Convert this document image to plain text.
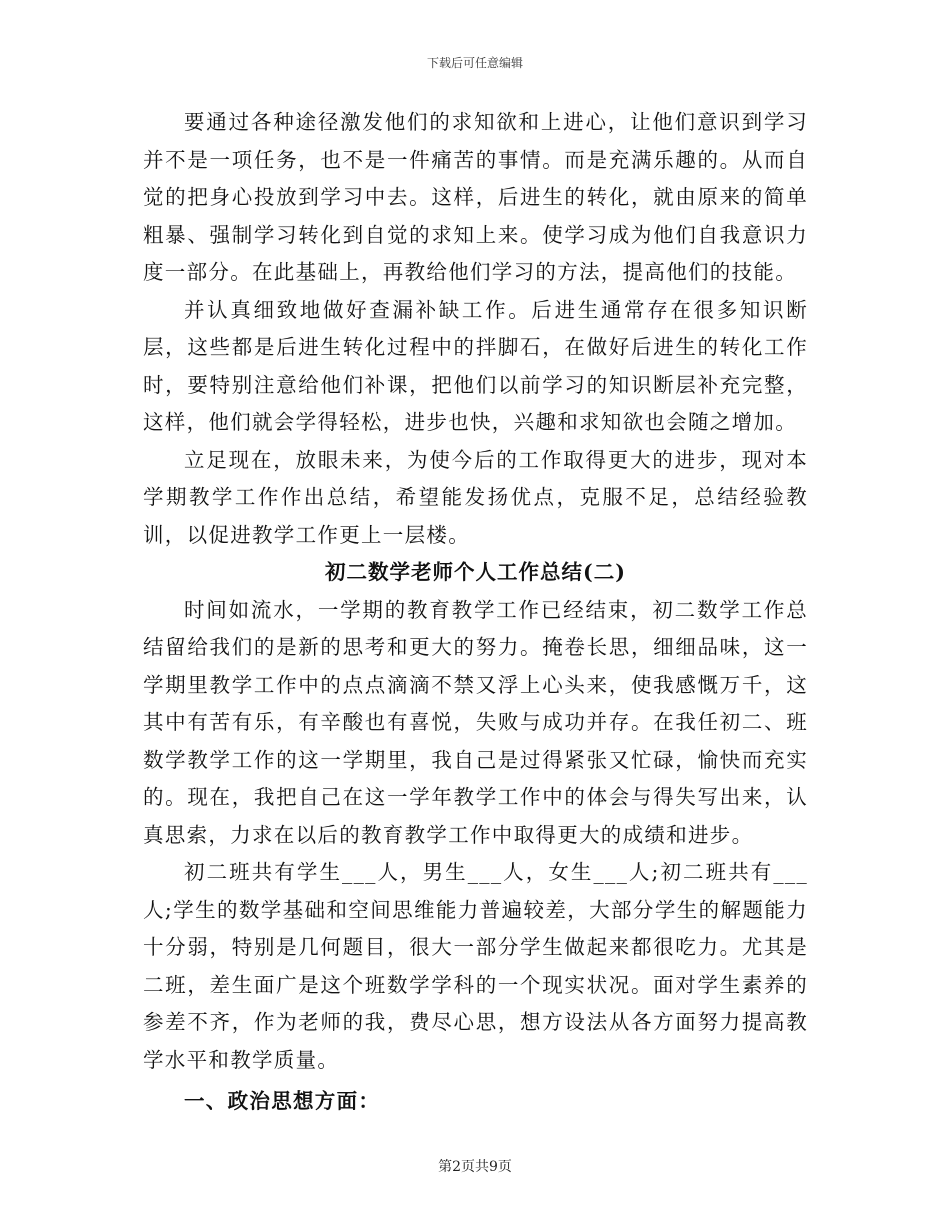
下载后可任意编辑

要通过各种途径激发他们的求知欲和上进心，让他们意识到学习并不是一项任务，也不是一件痛苦的事情。而是充满乐趣的。从而自觉的把身心投放到学习中去。这样，后进生的转化，就由原来的简单粗暴、强制学习转化到自觉的求知上来。使学习成为他们自我意识力度一部分。在此基础上，再教给他们学习的方法，提高他们的技能。

并认真细致地做好查漏补缺工作。后进生通常存在很多知识断层，这些都是后进生转化过程中的拌脚石，在做好后进生的转化工作时，要特别注意给他们补课，把他们以前学习的知识断层补充完整，这样，他们就会学得轻松，进步也快，兴趣和求知欲也会随之增加。

立足现在，放眼未来，为使今后的工作取得更大的进步，现对本学期教学工作作出总结，希望能发扬优点，克服不足，总结经验教训，以促进教学工作更上一层楼。

初二数学老师个人工作总结(二)

时间如流水，一学期的教育教学工作已经结束，初二数学工作总结留给我们的是新的思考和更大的努力。掩卷长思，细细品味，这一学期里教学工作中的点点滴滴不禁又浮上心头来，使我感慨万千，这其中有苦有乐，有辛酸也有喜悦，失败与成功并存。在我任初二、班数学教学工作的这一学期里，我自己是过得紧张又忙碌，愉快而充实的。现在，我把自己在这一学年教学工作中的体会与得失写出来，认真思索，力求在以后的教育教学工作中取得更大的成绩和进步。

初二班共有学生___人，男生___人，女生___人;初二班共有___人;学生的数学基础和空间思维能力普遍较差，大部分学生的解题能力十分弱，特别是几何题目，很大一部分学生做起来都很吃力。尤其是二班，差生面广是这个班数学学科的一个现实状况。面对学生素养的参差不齐，作为老师的我，费尽心思，想方设法从各方面努力提高教学水平和教学质量。

一、政治思想方面：

第2页共9页
